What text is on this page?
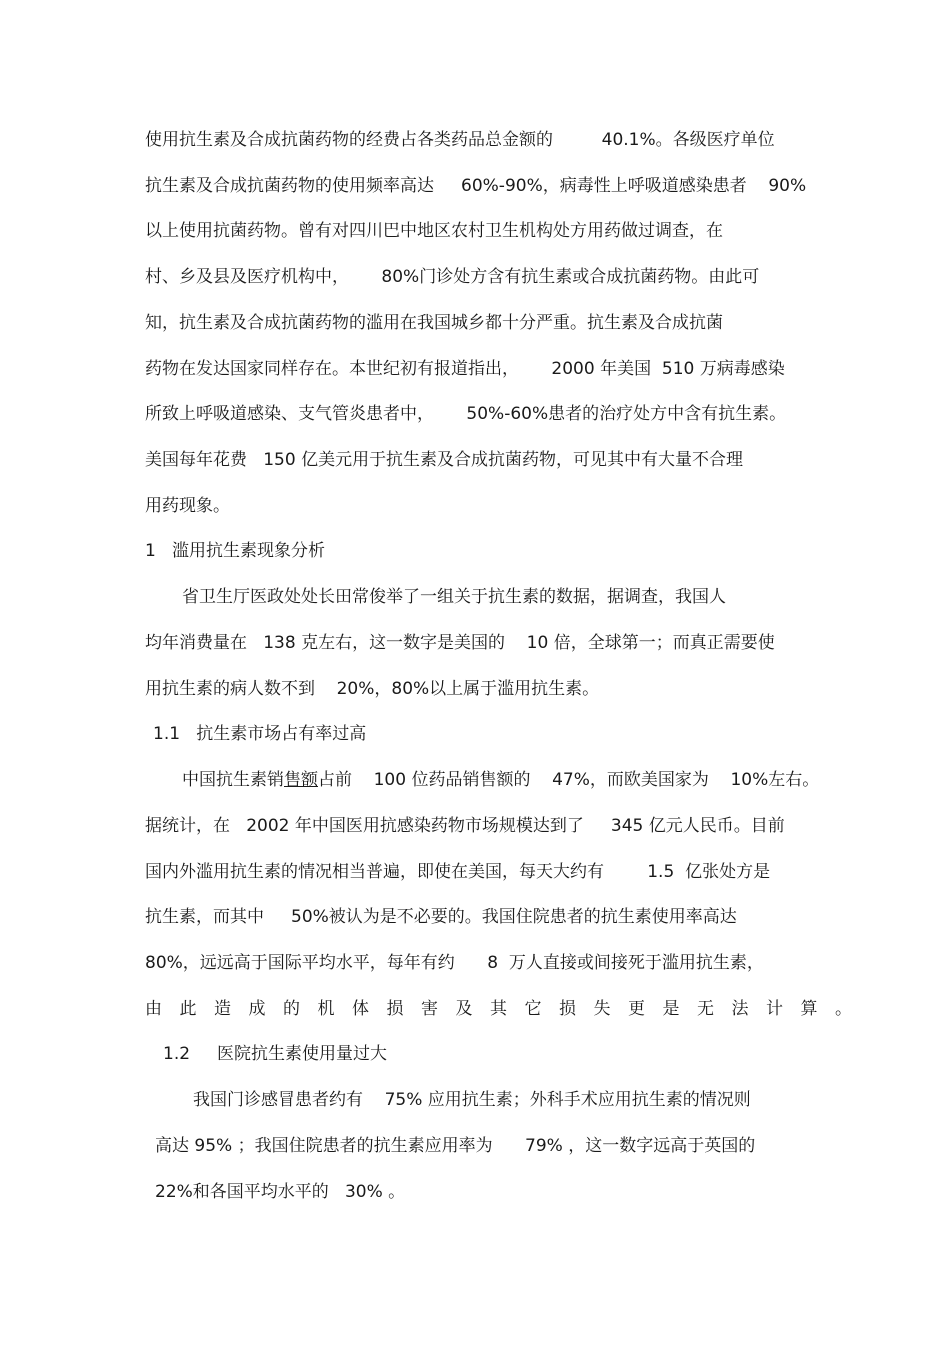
使用抗生素及合成抗菌药物的经费占各类药品总金额的         40.1%。各级医疗单位
抗生素及合成抗菌药物的使用频率高达     60%-90%，病毒性上呼吸道感染患者    90%
以上使用抗菌药物。曾有对四川巴中地区农村卫生机构处方用药做过调查，在
村、乡及县及医疗机构中，      80%门诊处方含有抗生素或合成抗菌药物。由此可
知，抗生素及合成抗菌药物的滥用在我国城乡都十分严重。抗生素及合成抗菌
药物在发达国家同样存在。本世纪初有报道指出，      2000 年美国  510 万病毒感染
所致上呼吸道感染、支气管炎患者中，      50%-60%患者的治疗处方中含有抗生素。
美国每年花费   150 亿美元用于抗生素及合成抗菌药物，可见其中有大量不合理
用药现象。
1   滥用抗生素现象分析
省卫生厅医政处处长田常俊举了一组关于抗生素的数据，据调查，我国人
均年消费量在   138 克左右，这一数字是美国的    10 倍，全球第一；而真正需要使
用抗生素的病人数不到    20%，80%以上属于滥用抗生素。
1.1   抗生素市场占有率过高
中国抗生素销售额占前    100 位药品销售额的    47%，而欧美国家为    10%左右。
据统计，在   2002 年中国医用抗感染药物市场规模达到了     345 亿元人民币。目前
国内外滥用抗生素的情况相当普遍，即使在美国，每天大约有        1.5  亿张处方是
抗生素，而其中     50%被认为是不必要的。我国住院患者的抗生素使用率高达
80%，远远高于国际平均水平，每年有约      8  万人直接或间接死于滥用抗生素，
由此造成的机体损害及其它损失更是无法计算。
1.2     医院抗生素使用量过大
我国门诊感冒患者约有    75% 应用抗生素；外科手术应用抗生素的情况则
高达 95% ；我国住院患者的抗生素应用率为      79% ，这一数字远高于英国的
22%和各国平均水平的   30% 。
